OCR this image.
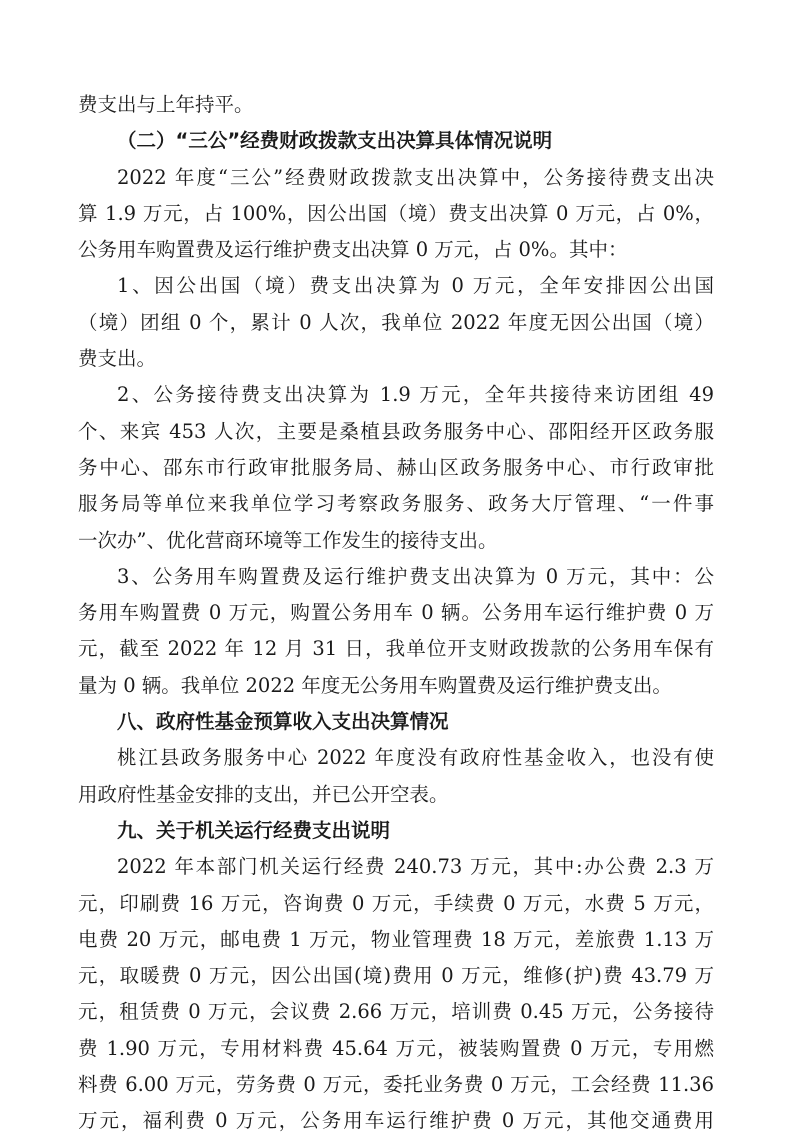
费支出与上年持平。
（二）“三公”经费财政拨款支出决算具体情况说明
2022 年度“三公”经费财政拨款支出决算中，公务接待费支出决
算 1.9 万元，占 100%，因公出国（境）费支出决算 0 万元，占 0%，
公务用车购置费及运行维护费支出决算 0 万元，占 0%。其中：
1、因公出国（境）费支出决算为 0 万元，全年安排因公出国
（境）团组 0 个，累计 0 人次，我单位 2022 年度无因公出国（境）
费支出。
2、公务接待费支出决算为 1.9 万元，全年共接待来访团组 49
个、来宾 453 人次，主要是桑植县政务服务中心、邵阳经开区政务服
务中心、邵东市行政审批服务局、赫山区政务服务中心、市行政审批
服务局等单位来我单位学习考察政务服务、政务大厅管理、“一件事
一次办”、优化营商环境等工作发生的接待支出。
3、公务用车购置费及运行维护费支出决算为 0 万元，其中：公
务用车购置费 0 万元，购置公务用车 0 辆。公务用车运行维护费 0 万
元，截至 2022 年 12 月 31 日，我单位开支财政拨款的公务用车保有
量为 0 辆。我单位 2022 年度无公务用车购置费及运行维护费支出。
八、政府性基金预算收入支出决算情况
桃江县政务服务中心 2022 年度没有政府性基金收入，也没有使
用政府性基金安排的支出，并已公开空表。
九、关于机关运行经费支出说明
2022 年本部门机关运行经费 240.73 万元，其中:办公费 2.3 万
元，印刷费 16 万元，咨询费 0 万元，手续费 0 万元，水费 5 万元，
电费 20 万元，邮电费 1 万元，物业管理费 18 万元，差旅费 1.13 万
元，取暖费 0 万元，因公出国(境)费用 0 万元，维修(护)费 43.79 万
元，租赁费 0 万元，会议费 2.66 万元，培训费 0.45 万元，公务接待
费 1.90 万元，专用材料费 45.64 万元，被装购置费 0 万元，专用燃
料费 6.00 万元，劳务费 0 万元，委托业务费 0 万元，工会经费 11.36
万元，福利费 0 万元，公务用车运行维护费 0 万元，其他交通费用
